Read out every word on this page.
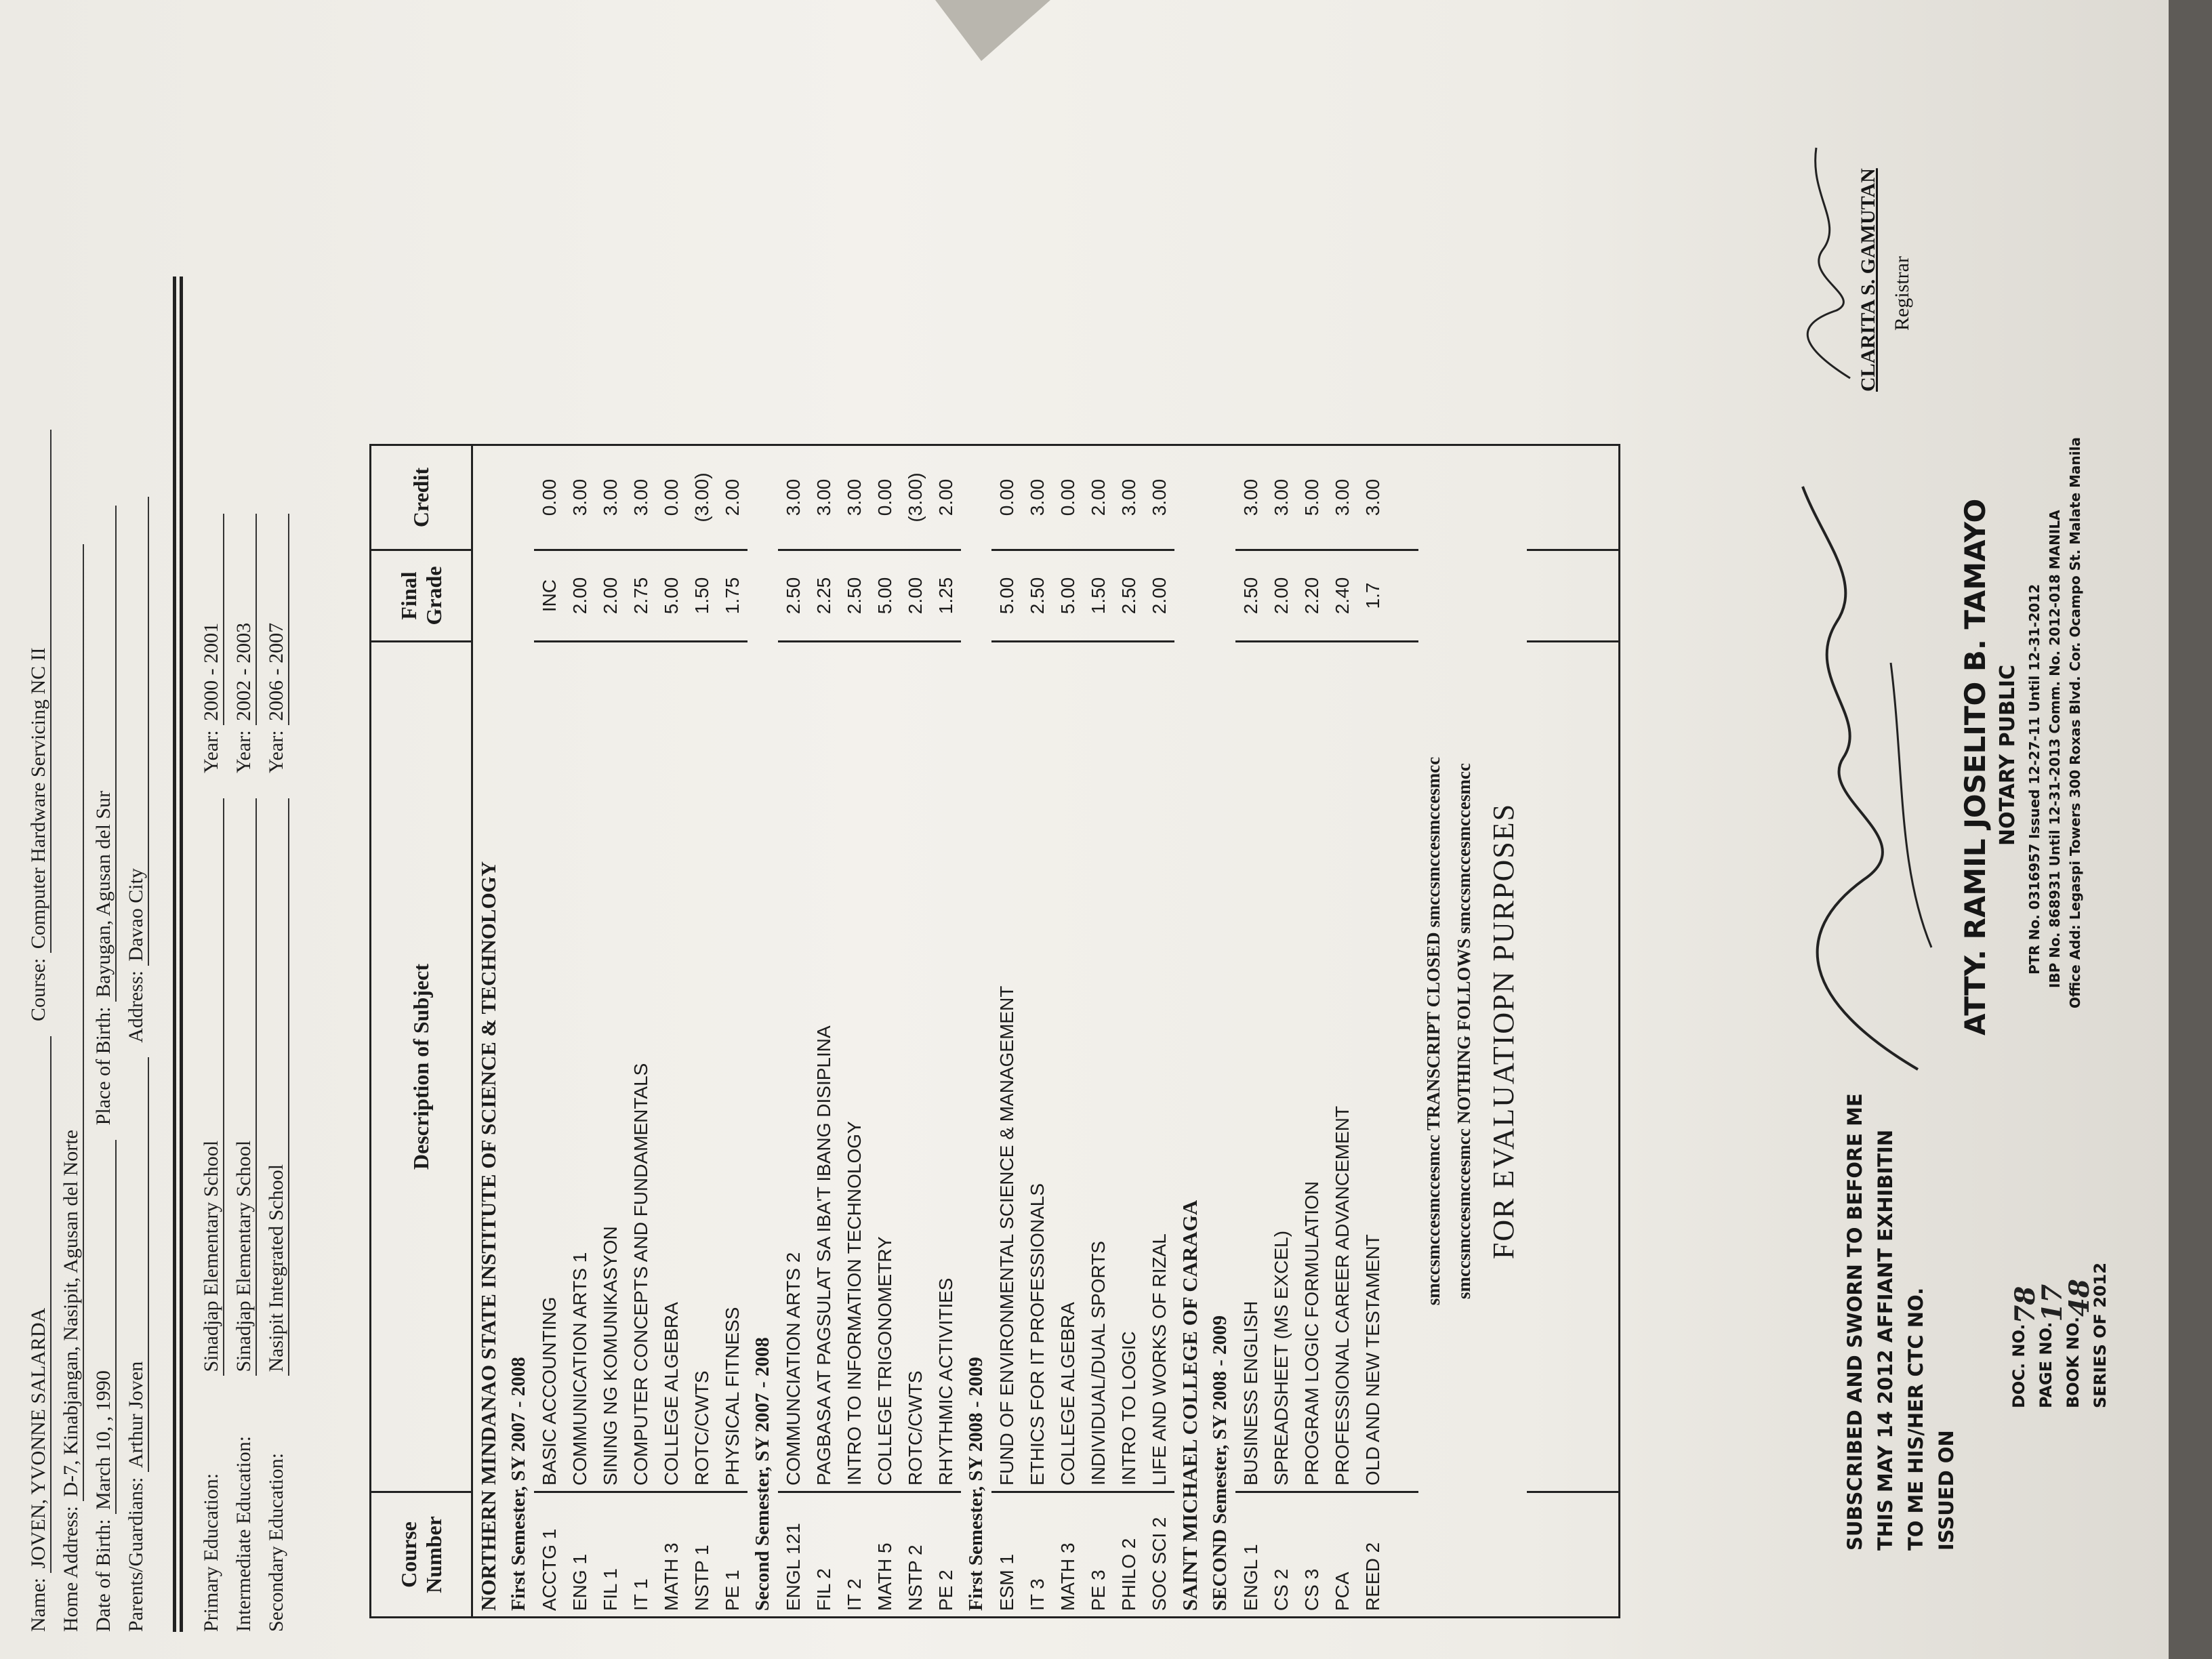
Name: JOVEN, YVONNE SALARDA Course: Computer Hardware Servicing NC II
Home Address: D-7, Kinabjangan, Nasipit, Agusan del Norte
Date of Birth: March 10, , 1990 Place of Birth: Bayugan, Agusan del Sur
Parents/Guardians: Arthur Joven Address: Davao City
Primary Education: Sinadjap Elementary School Year: 2000 - 2001
Intermediate Education: Sinadjap Elementary School Year: 2002 - 2003
Secondary Education: Nasipit Integrated School Year: 2006 - 2007
Course Number	Description of Subject	Final Grade	Credit
NORTHERN MINDANAO STATE INSTITUTE OF SCIENCE & TECHNOLOGY			
First Semester, SY 2007 - 2008			
ACCTG 1	BASIC ACCOUNTING	INC	0.00
ENG 1	COMMUNICATION ARTS 1	2.00	3.00
FIL 1	SINING NG KOMUNIKASYON	2.00	3.00
IT 1	COMPUTER CONCEPTS AND FUNDAMENTALS	2.75	3.00
MATH 3	COLLEGE ALGEBRA	5.00	0.00
NSTP 1	ROTC/CWTS	1.50	(3.00)
PE 1	PHYSICAL FITNESS	1.75	2.00
Second Semester, SY 2007 - 2008			
ENGL 121	COMMUNCIATION ARTS 2	2.50	3.00
FIL 2	PAGBASA AT PAGSULAT SA IBA'T IBANG DISIPLINA	2.25	3.00
IT 2	INTRO TO INFORMATION TECHNOLOGY	2.50	3.00
MATH 5	COLLEGE TRIGONOMETRY	5.00	0.00
NSTP 2	ROTC/CWTS	2.00	(3.00)
PE 2	RHYTHMIC ACTIVITIES	1.25	2.00
First Semester, SY 2008 - 2009			
ESM 1	FUND OF ENVIRONMENTAL SCIENCE & MANAGEMENT	5.00	0.00
IT 3	ETHICS FOR IT PROFESSIONALS	2.50	3.00
MATH 3	COLLEGE ALGEBRA	5.00	0.00
PE 3	INDIVIDUAL/DUAL SPORTS	1.50	2.00
PHILO 2	INTRO TO LOGIC	2.50	3.00
SOC SCI 2	LIFE AND WORKS OF RIZAL	2.00	3.00
SAINT MICHAEL COLLEGE OF CARAGA			
SECOND Semester, SY 2008 - 2009			
ENGL 1	BUSINESS ENGLISH	2.50	3.00
CS 2	SPREADSHEET (MS EXCEL)	2.00	3.00
CS 3	PROGRAM LOGIC FORMULATION	2.20	5.00
PCA	PROFESSIONAL CAREER ADVANCEMENT	2.40	3.00
REED 2	OLD AND NEW TESTAMENT	1.7	3.00

smccsmccesmccesmcc TRANSCRIPT CLOSED smccsmccesmccesmcc			
smccsmccesmccesmcc NOTHING FOLLOWS smccsmccesmccesmcc			
FOR EVALUATIOPN PURPOSES			

SUBSCRIBED AND SWORN TO BEFORE ME THIS MAY 14 2012 AFFIANT EXHIBITIN TO ME HIS/HER CTC NO. ISSUED ON
ATTY. RAMIL JOSELITO B. TAMAYO NOTARY PUBLIC PTR No. 0316957 Issued 12-27-11 Until 12-31-2012 IBP No. 868931 Until 12-31-2013 Comm. No. 2012-018 MANILA Office Add: Legaspi Towers 300 Roxas Blvd. Cor. Ocampo St. Malate Manila
DOC. NO.
78
PAGE NO.
17
BOOK NO.
48
SERIES OF 2012
CLARITA S. GAMUTAN Registrar
